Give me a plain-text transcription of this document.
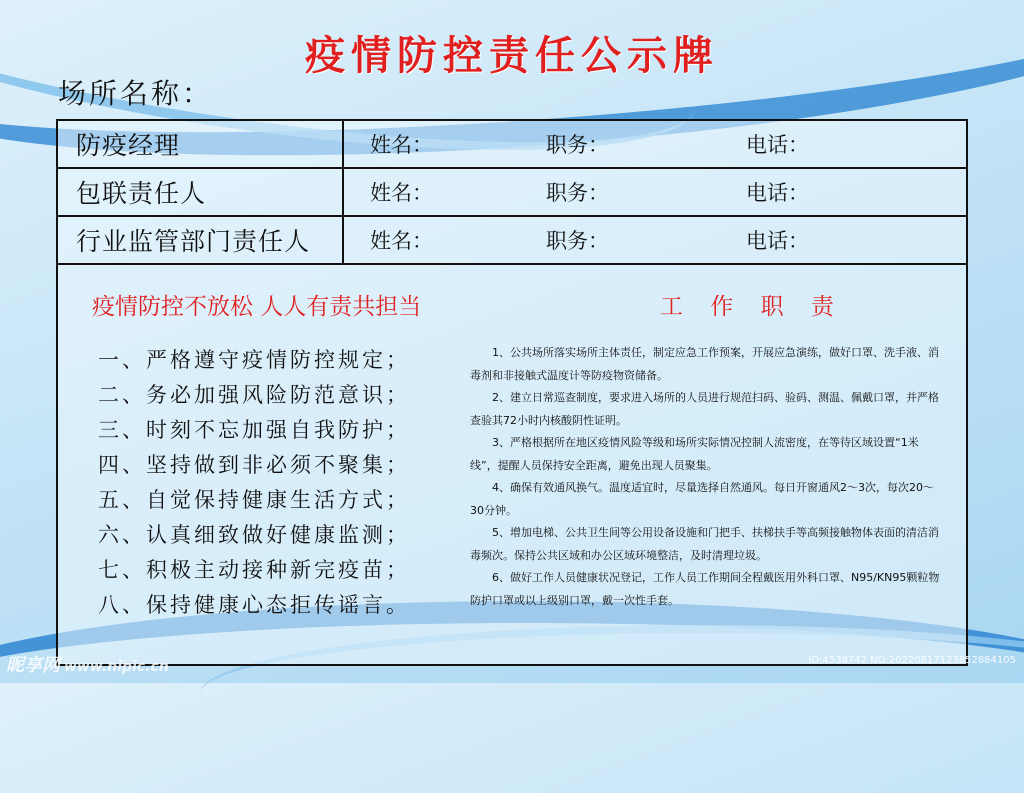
疫情防控责任公示牌
场所名称：
防疫经理	姓名：	职务：	电话：
包联责任人	姓名：	职务：	电话：
行业监管部门责任人	姓名：	职务：	电话：
疫情防控不放松 人人有责共担当	工 作 职 责
一、严格遵守疫情防控规定；
二、务必加强风险防范意识；
三、时刻不忘加强自我防护；
四、坚持做到非必须不聚集；
五、自觉保持健康生活方式；
六、认真细致做好健康监测；
七、积极主动接种新完疫苗；
八、保持健康心态拒传谣言。

1、公共场所落实场所主体责任，制定应急工作预案，开展应急演练，做好口罩、洗手液、消毒剂和非接触式温度计等防疫物资储备。

2、建立日常巡查制度，要求进入场所的人员进行规范扫码、验码、测温、佩戴口罩，并严格查验其72小时内核酸阴性证明。

3、严格根据所在地区疫情风险等级和场所实际情况控制人流密度，在等待区域设置“1米线”，提醒人员保持安全距离，避免出现人员聚集。

4、确保有效通风换气。温度适宜时，尽量选择自然通风。每日开窗通风2～3次，每次20～30分钟。

5、增加电梯、公共卫生间等公用设备设施和门把手、扶梯扶手等高频接触物体表面的清洁消毒频次。保持公共区域和办公区域环境整洁，及时清理垃圾。

6、做好工作人员健康状况登记，工作人员工作期间全程戴医用外科口罩、N95/KN95颗粒物防护口罩或以上级别口罩，戴一次性手套。

昵享网 www.nipic.cn	ID:4538742 NO:20220817123852884105
